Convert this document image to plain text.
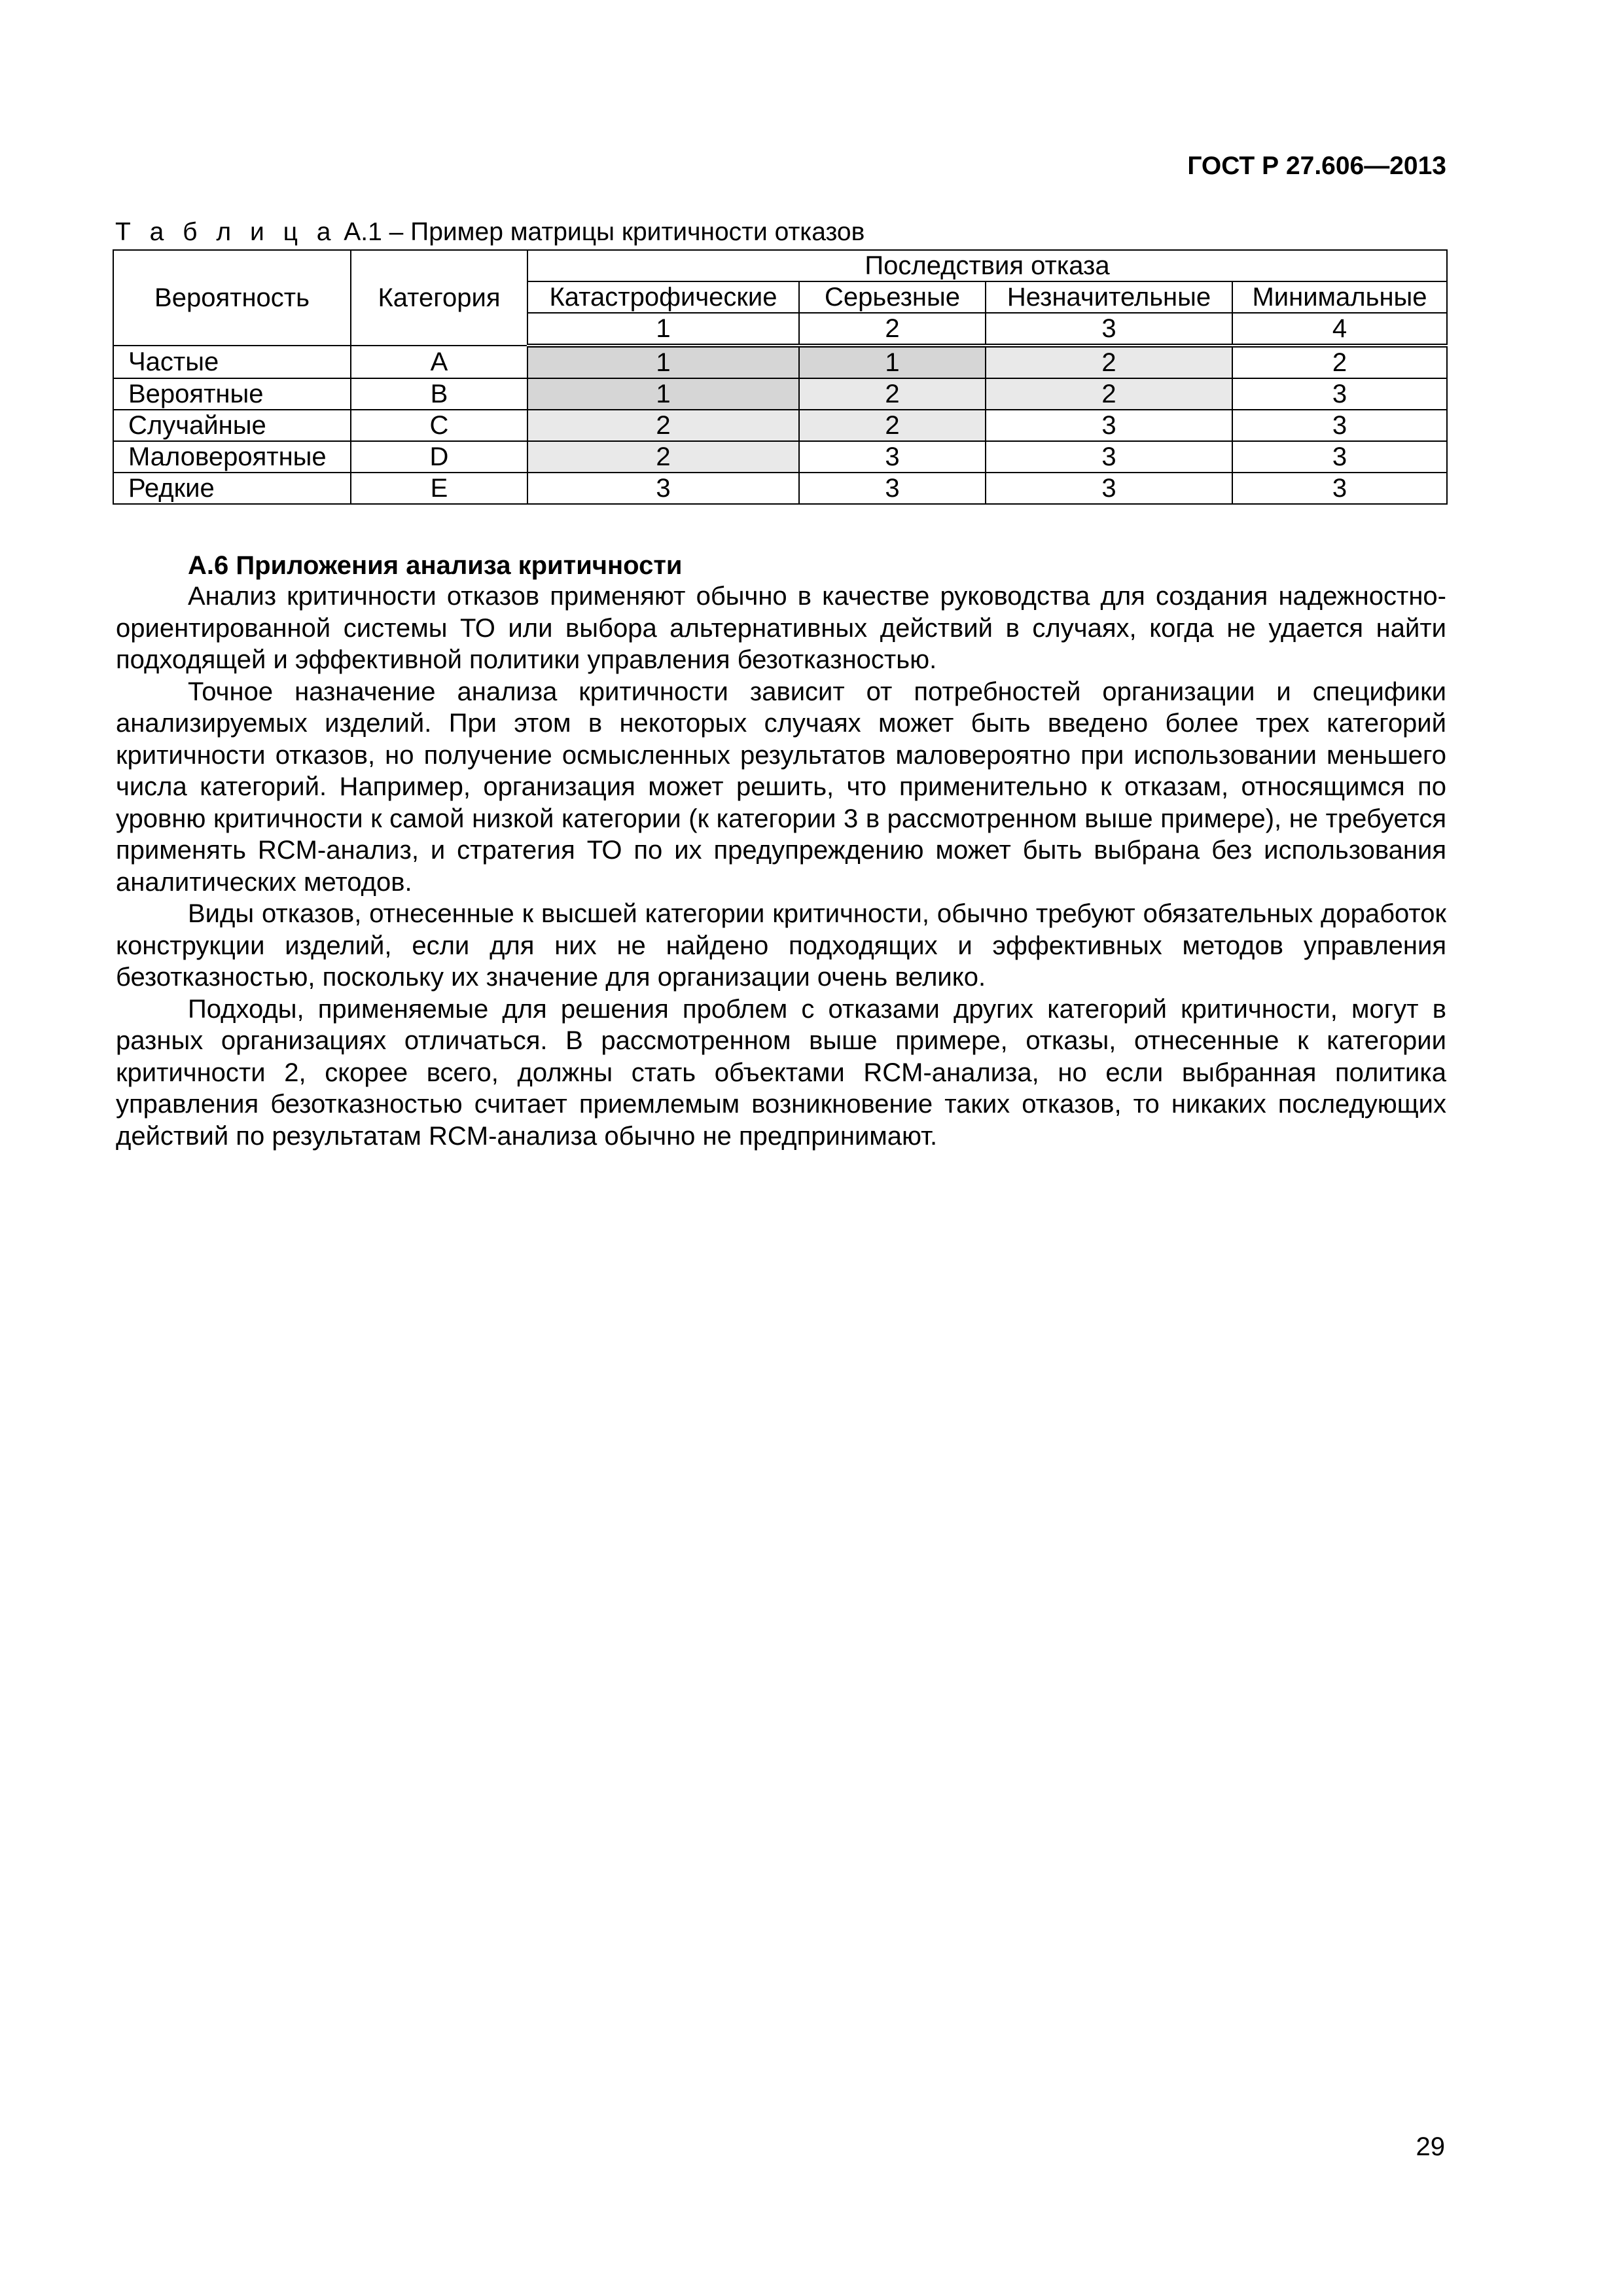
ГОСТ Р 27.606—2013
Т а б л и ц а А.1 – Пример матрицы критичности отказов
Вероятность	Категория	Последствия отказа			
		Катастрофические	Серьезные	Незначительные	Минимальные
		1	2	3	4
Частые	A	1	1	2	2
Вероятные	B	1	2	2	3
Случайные	C	2	2	3	3
Маловероятные	D	2	3	3	3
Редкие	E	3	3	3	3
А.6 Приложения анализа критичности

Анализ критичности отказов применяют обычно в качестве руководства для создания надежностно-ориентированной системы ТО или выбора альтернативных действий в случаях, когда не удается найти подходящей и эффективной политики управления безотказностью.

Точное назначение анализа критичности зависит от потребностей организации и специфики анализируемых изделий. При этом в некоторых случаях может быть введено более трех категорий критичности отказов, но получение осмысленных результатов маловероятно при использовании меньшего числа категорий. Например, организация может решить, что применительно к отказам, относящимся по уровню критичности к самой низкой категории (к категории 3 в рассмотренном выше примере), не требуется применять RCM-анализ, и стратегия ТО по их предупреждению может быть выбрана без использования аналитических методов.

Виды отказов, отнесенные к высшей категории критичности, обычно требуют обязательных доработок конструкции изделий, если для них не найдено подходящих и эффективных методов управления безотказностью, поскольку их значение для организации очень велико.

Подходы, применяемые для решения проблем с отказами других категорий критичности, могут в разных организациях отличаться. В рассмотренном выше примере, отказы, отнесенные к категории критичности 2, скорее всего, должны стать объектами RCM-анализа, но если выбранная политика управления безотказностью считает приемлемым возникновение таких отказов, то никаких последующих действий по результатам RCM-анализа обычно не предпринимают.

29
